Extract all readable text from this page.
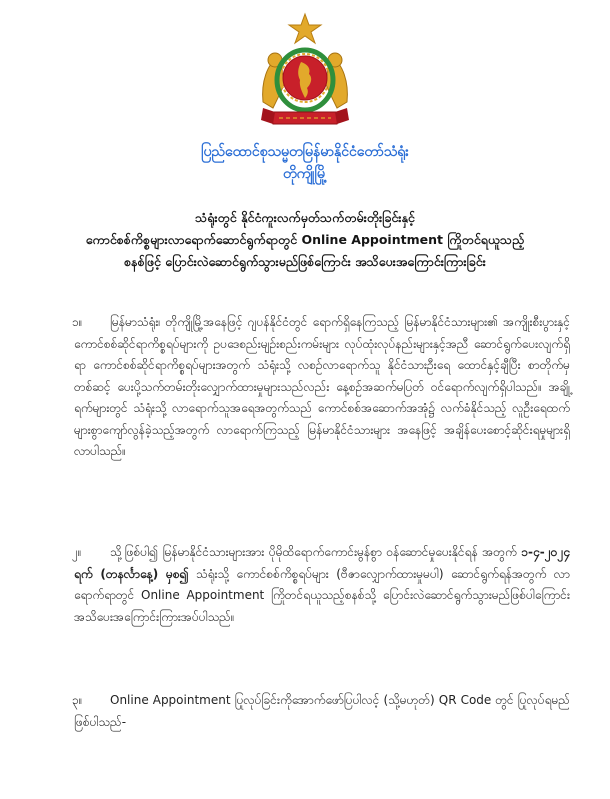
ပြည်ထောင်စုသမ္မတမြန်မာနိုင်ငံတော်သံရုံး
တိုကျိုမြို့
သံရုံးတွင် နိုင်ငံကူးလက်မှတ်သက်တမ်းတိုးခြင်းနှင့်
ကောင်စစ်ကိစ္စများလာရောက်ဆောင်ရွက်ရာတွင် Online Appointment ကြိုတင်ရယူသည့်
စနစ်ဖြင့် ပြောင်းလဲဆောင်ရွက်သွားမည်ဖြစ်ကြောင်း အသိပေးအကြောင်းကြားခြင်း
၁။ မြန်မာသံရုံး၊ တိုကျိုမြို့အနေဖြင့် ဂျပန်နိုင်ငံတွင် ရောက်ရှိနေကြသည့် မြန်မာနိုင်ငံသားများ၏ အကျိုးစီးပွားနှင့် ကောင်စစ်ဆိုင်ရာကိစ္စရပ်များကို ဥပဒေစည်းမျဉ်းစည်းကမ်းများ လုပ်ထုံးလုပ်နည်းများနှင့်အညီ ဆောင်ရွက်ပေးလျက်ရှိရာ ကောင်စစ်ဆိုင်ရာကိစ္စရပ်များအတွက် သံရုံးသို့ လစဉ်လာရောက်သူ နိုင်ငံသားဦးရေ ထောင်နှင့်ချီပြီး စာတိုက်မှတစ်ဆင့် ပေးပို့သက်တမ်းတိုးလျှောက်ထားမှုများသည်လည်း နေ့စဉ်အဆက်မပြတ် ဝင်ရောက်လျက်ရှိပါသည်။ အချို့ရက်များတွင် သံရုံးသို့ လာရောက်သူအရေအတွက်သည် ကောင်စစ်အဆောက်အအုံ၌ လက်ခံနိုင်သည့် လူဦးရေထက်များစွာကျော်လွန်ခဲ့သည့်အတွက် လာရောက်ကြသည့် မြန်မာနိုင်ငံသားများ အနေဖြင့် အချိန်ပေးစောင့်ဆိုင်းရမှုများရှိလာပါသည်။
၂။ သို့ဖြစ်ပါ၍ မြန်မာနိုင်ငံသားများအား ပိုမိုထိရောက်ကောင်းမွန်စွာ ဝန်ဆောင်မှုပေးနိုင်ရန် အတွက် ၁-၄-၂၀၂၄ ရက် (တနင်္လာနေ့) မှစ၍ သံရုံးသို့ ကောင်စစ်ကိစ္စရပ်များ (ဗီဇာလျှောက်ထားမှုမပါ) ဆောင်ရွက်ရန်အတွက် လာရောက်ရာတွင် Online Appointment ကြိုတင်ရယူသည့်စနစ်သို့ ပြောင်းလဲဆောင်ရွက်သွားမည်ဖြစ်ပါကြောင်း အသိပေးအကြောင်းကြားအပ်ပါသည်။
၃။ Online Appointment ပြုလုပ်ခြင်းကိုအောက်ဖော်ပြပါလင့် (သို့မဟုတ်) QR Code တွင် ပြုလုပ်ရမည်ဖြစ်ပါသည်-
